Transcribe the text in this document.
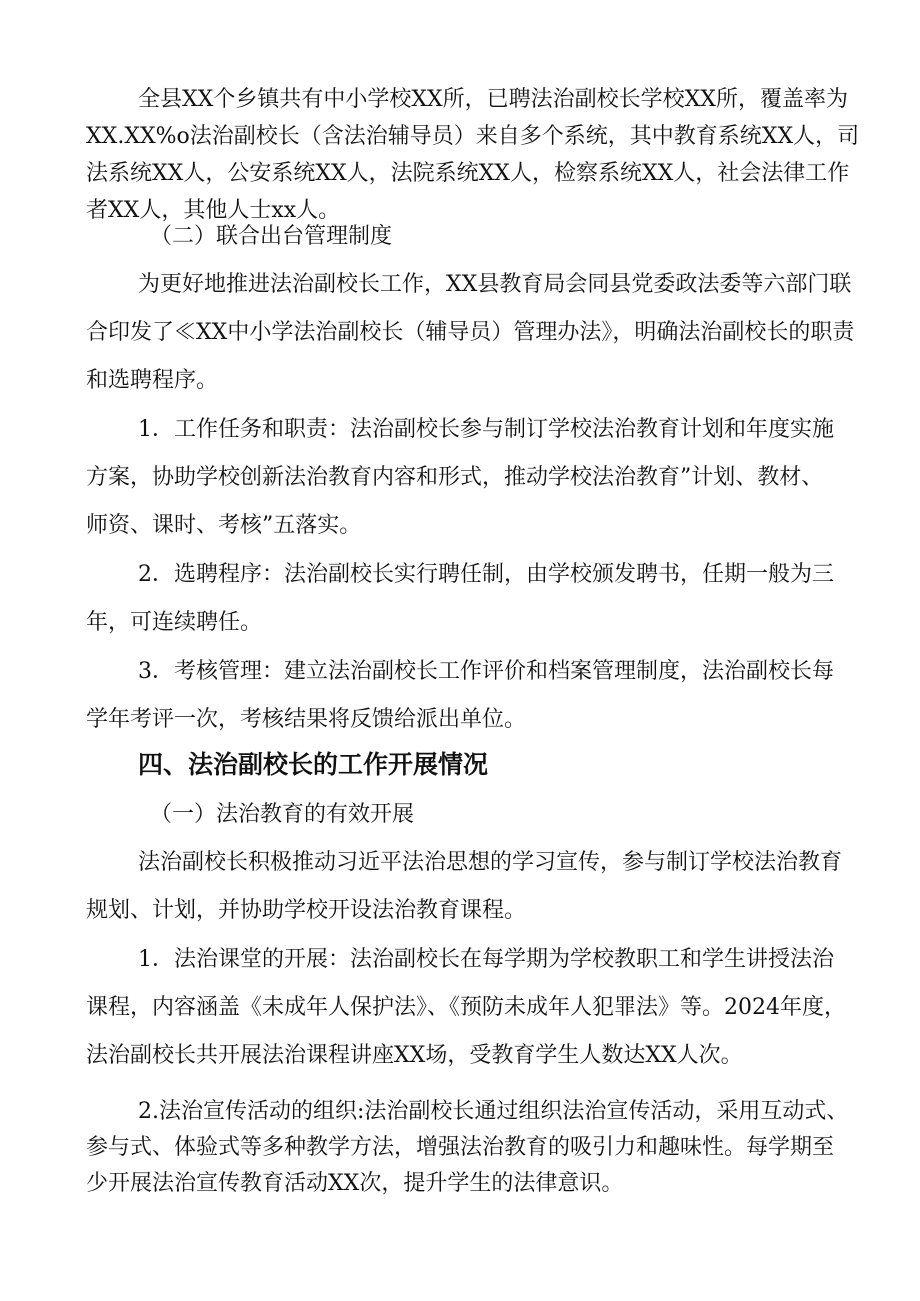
全县XX个乡镇共有中小学校XX所，已聘法治副校长学校XX所，覆盖率为
XX.XX%o法治副校长（含法治辅导员）来自多个系统，其中教育系统XX人，司
法系统XX人，公安系统XX人，法院系统XX人，检察系统XX人，社会法律工作
者XX人，其他人士xx人。
（二）联合出台管理制度
为更好地推进法治副校长工作，XX县教育局会同县党委政法委等六部门联
合印发了≪XX中小学法治副校长（辅导员）管理办法》，明确法治副校长的职责
和选聘程序。
1．工作任务和职责：法治副校长参与制订学校法治教育计划和年度实施
方案，协助学校创新法治教育内容和形式，推动学校法治教育”计划、教材、
师资、课时、考核”五落实。
2．选聘程序：法治副校长实行聘任制，由学校颁发聘书，任期一般为三
年，可连续聘任。
3．考核管理：建立法治副校长工作评价和档案管理制度，法治副校长每
学年考评一次，考核结果将反馈给派出单位。
四、法治副校长的工作开展情况
（一）法治教育的有效开展
法治副校长积极推动习近平法治思想的学习宣传，参与制订学校法治教育
规划、计划，并协助学校开设法治教育课程。
1．法治课堂的开展：法治副校长在每学期为学校教职工和学生讲授法治
课程，内容涵盖《未成年人保护法》、《预防未成年人犯罪法》等。2024年度，
法治副校长共开展法治课程讲座XX场，受教育学生人数达XX人次。
2.法治宣传活动的组织:法治副校长通过组织法治宣传活动，采用互动式、
参与式、体验式等多种教学方法，增强法治教育的吸引力和趣味性。每学期至
少开展法治宣传教育活动XX次，提升学生的法律意识。
